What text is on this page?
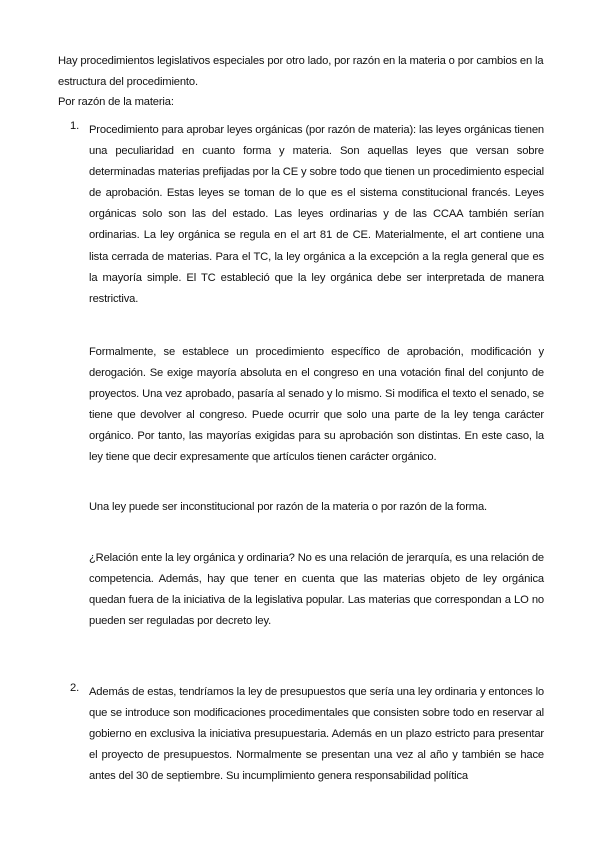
Hay procedimientos legislativos especiales por otro lado, por razón en la materia o por cambios en la estructura del procedimiento.

Por razón de la materia:

1. Procedimiento para aprobar leyes orgánicas (por razón de materia): las leyes orgánicas tienen una peculiaridad en cuanto forma y materia. Son aquellas leyes que versan sobre determinadas materias prefijadas por la CE y sobre todo que tienen un procedimiento especial de aprobación. Estas leyes se toman de lo que es el sistema constitucional francés. Leyes orgánicas solo son las del estado. Las leyes ordinarias y de las CCAA también serían ordinarias. La ley orgánica se regula en el art 81 de CE. Materialmente, el art contiene una lista cerrada de materias. Para el TC, la ley orgánica a la excepción a la regla general que es la mayoría simple. El TC estableció que la ley orgánica debe ser interpretada de manera restrictiva.

Formalmente, se establece un procedimiento específico de aprobación, modificación y derogación. Se exige mayoría absoluta en el congreso en una votación final del conjunto de proyectos. Una vez aprobado, pasaría al senado y lo mismo. Si modifica el texto el senado, se tiene que devolver al congreso. Puede ocurrir que solo una parte de la ley tenga carácter orgánico. Por tanto, las mayorías exigidas para su aprobación son distintas. En este caso, la ley tiene que decir expresamente que artículos tienen carácter orgánico.

Una ley puede ser inconstitucional por razón de la materia o por razón de la forma.

¿Relación ente la ley orgánica y ordinaria? No es una relación de jerarquía, es una relación de competencia. Además, hay que tener en cuenta que las materias objeto de ley orgánica quedan fuera de la iniciativa de la legislativa popular. Las materias que correspondan a LO no pueden ser reguladas por decreto ley.

2. Además de estas, tendríamos la ley de presupuestos que sería una ley ordinaria y entonces lo que se introduce son modificaciones procedimentales que consisten sobre todo en reservar al gobierno en exclusiva la iniciativa presupuestaria. Además en un plazo estricto para presentar el proyecto de presupuestos. Normalmente se presentan una vez al año y también se hace antes del 30 de septiembre. Su incumplimiento genera responsabilidad política
